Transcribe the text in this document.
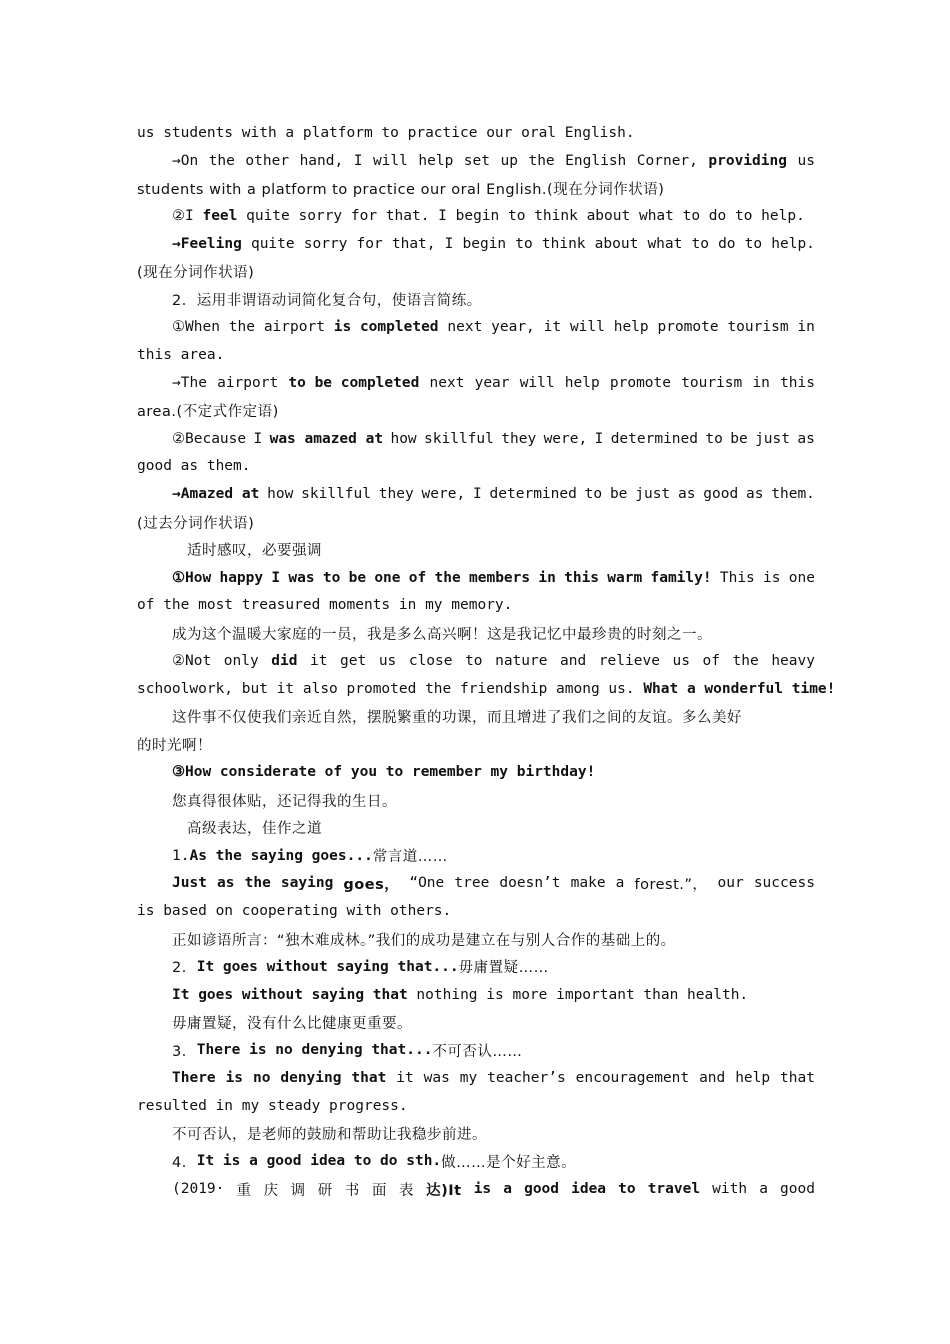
us students with a platform to practice our oral English.
→On the other hand, I will help set up the English Corner, providing us
students with a platform to practice our oral English.(现在分词作状语)
②I feel quite sorry for that. I begin to think about what to do to help.
→Feeling quite sorry for that, I begin to think about what to do to help.
(现在分词作状语)
2．运用非谓语动词简化复合句，使语言简练。
①When the airport is completed next year, it will help promote tourism in
this area.
→The airport to be completed next year will help promote tourism in this
area.(不定式作定语)
②Because I was amazed at how skillful they were, I determined to be just as
good as them.
→Amazed at how skillful they were, I determined to be just as good as them.
(过去分词作状语)
适时感叹，必要强调
①How happy I was to be one of the members in this warm family! This is one
of the most treasured moments in my memory.
成为这个温暖大家庭的一员，我是多么高兴啊！这是我记忆中最珍贵的时刻之一。
②Not only did it get us close to nature and relieve us of the heavy
schoolwork, but it also promoted the friendship among us. What a wonderful time!
这件事不仅使我们亲近自然，摆脱繁重的功课，而且增进了我们之间的友谊。多么美好
的时光啊！
③How considerate of you to remember my birthday!
您真得很体贴，还记得我的生日。
高级表达，佳作之道
1. As the saying goes... 常言道……
Just as the saying goes， “One tree doesn’t make a forest.”， our success
is based on cooperating with others.
正如谚语所言：“独木难成林。”我们的成功是建立在与别人合作的基础上的。
2． It goes without saying that... 毋庸置疑……
It goes without saying that nothing is more important than health.
毋庸置疑，没有什么比健康更重要。
3． There is no denying that... 不可否认……
There is no denying that it was my teacher’s encouragement and help that
resulted in my steady progress.
不可否认，是老师的鼓励和帮助让我稳步前进。
4． It is a good idea to do sth. 做……是个好主意。
(2019· 重 庆 调 研 书 面 表 达)It is a good idea to travel with a good
